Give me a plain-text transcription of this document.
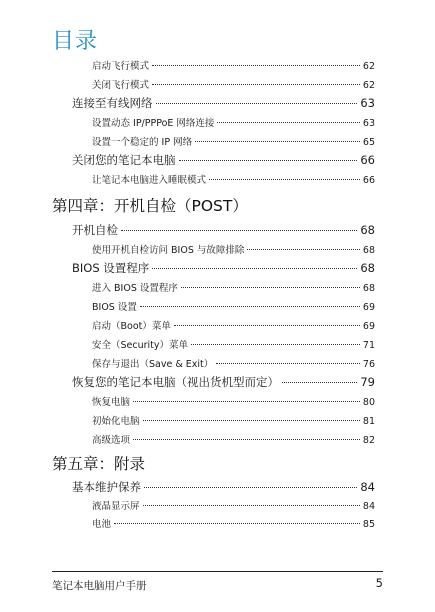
目录
启动飞行模式	62
关闭飞行模式	62
连接至有线网络	63
设置动态 IP/PPPoE 网络连接	63
设置一个稳定的 IP 网络	65
关闭您的笔记本电脑	66
让笔记本电脑进入睡眠模式	66
第四章：开机自检（POST）
开机自检	68
使用开机自检访问 BIOS 与故障排除	68
BIOS 设置程序	68
进入 BIOS 设置程序	68
BIOS 设置	69
启动（Boot）菜单	69
安全（Security）菜单	71
保存与退出（Save & Exit）	76
恢复您的笔记本电脑（视出货机型而定）	79
恢复电脑	80
初始化电脑	81
高级选项	82
第五章：附录
基本维护保养	84
液晶显示屏	84
电池	85
笔记本电脑用户手册	5
